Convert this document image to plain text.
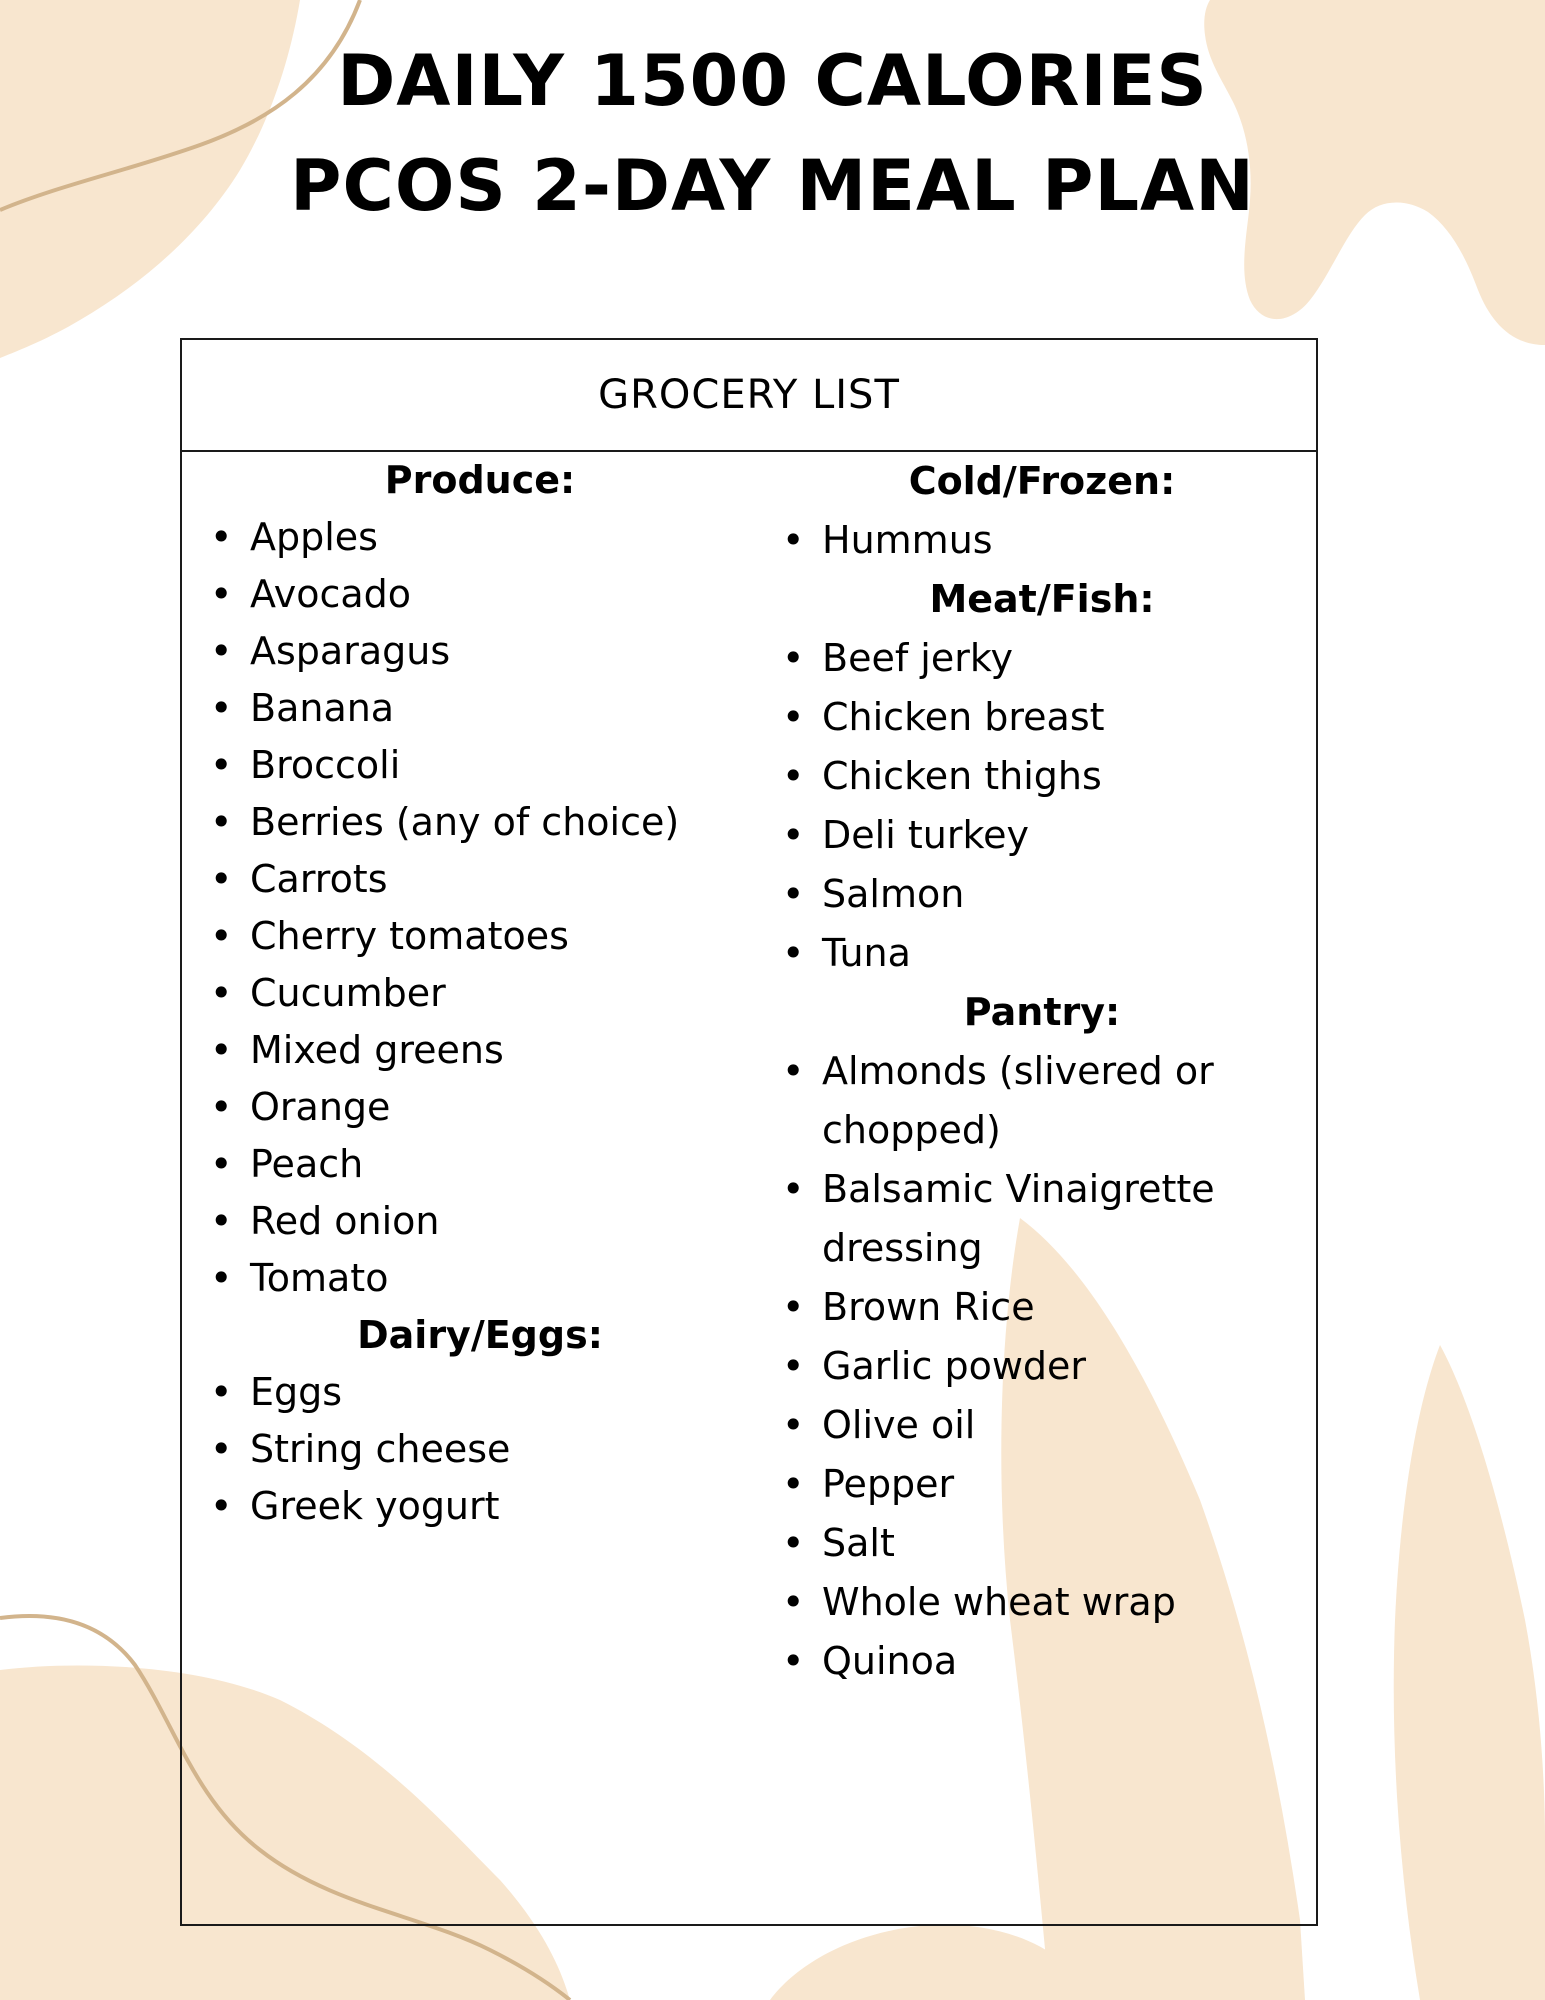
DAILY 1500 CALORIES
PCOS 2-DAY MEAL PLAN
GROCERY LIST
Produce:
• Apples
• Avocado
• Asparagus
• Banana
• Broccoli
• Berries (any of choice)
• Carrots
• Cherry tomatoes
• Cucumber
• Mixed greens
• Orange
• Peach
• Red onion
• Tomato
Dairy/Eggs:
• Eggs
• String cheese
• Greek yogurt
Cold/Frozen:
• Hummus
Meat/Fish:
• Beef jerky
• Chicken breast
• Chicken thighs
• Deli turkey
• Salmon
• Tuna
Pantry:
• Almonds (slivered or chopped)
• Balsamic Vinaigrette dressing
• Brown Rice
• Garlic powder
• Olive oil
• Pepper
• Salt
• Whole wheat wrap
• Quinoa
